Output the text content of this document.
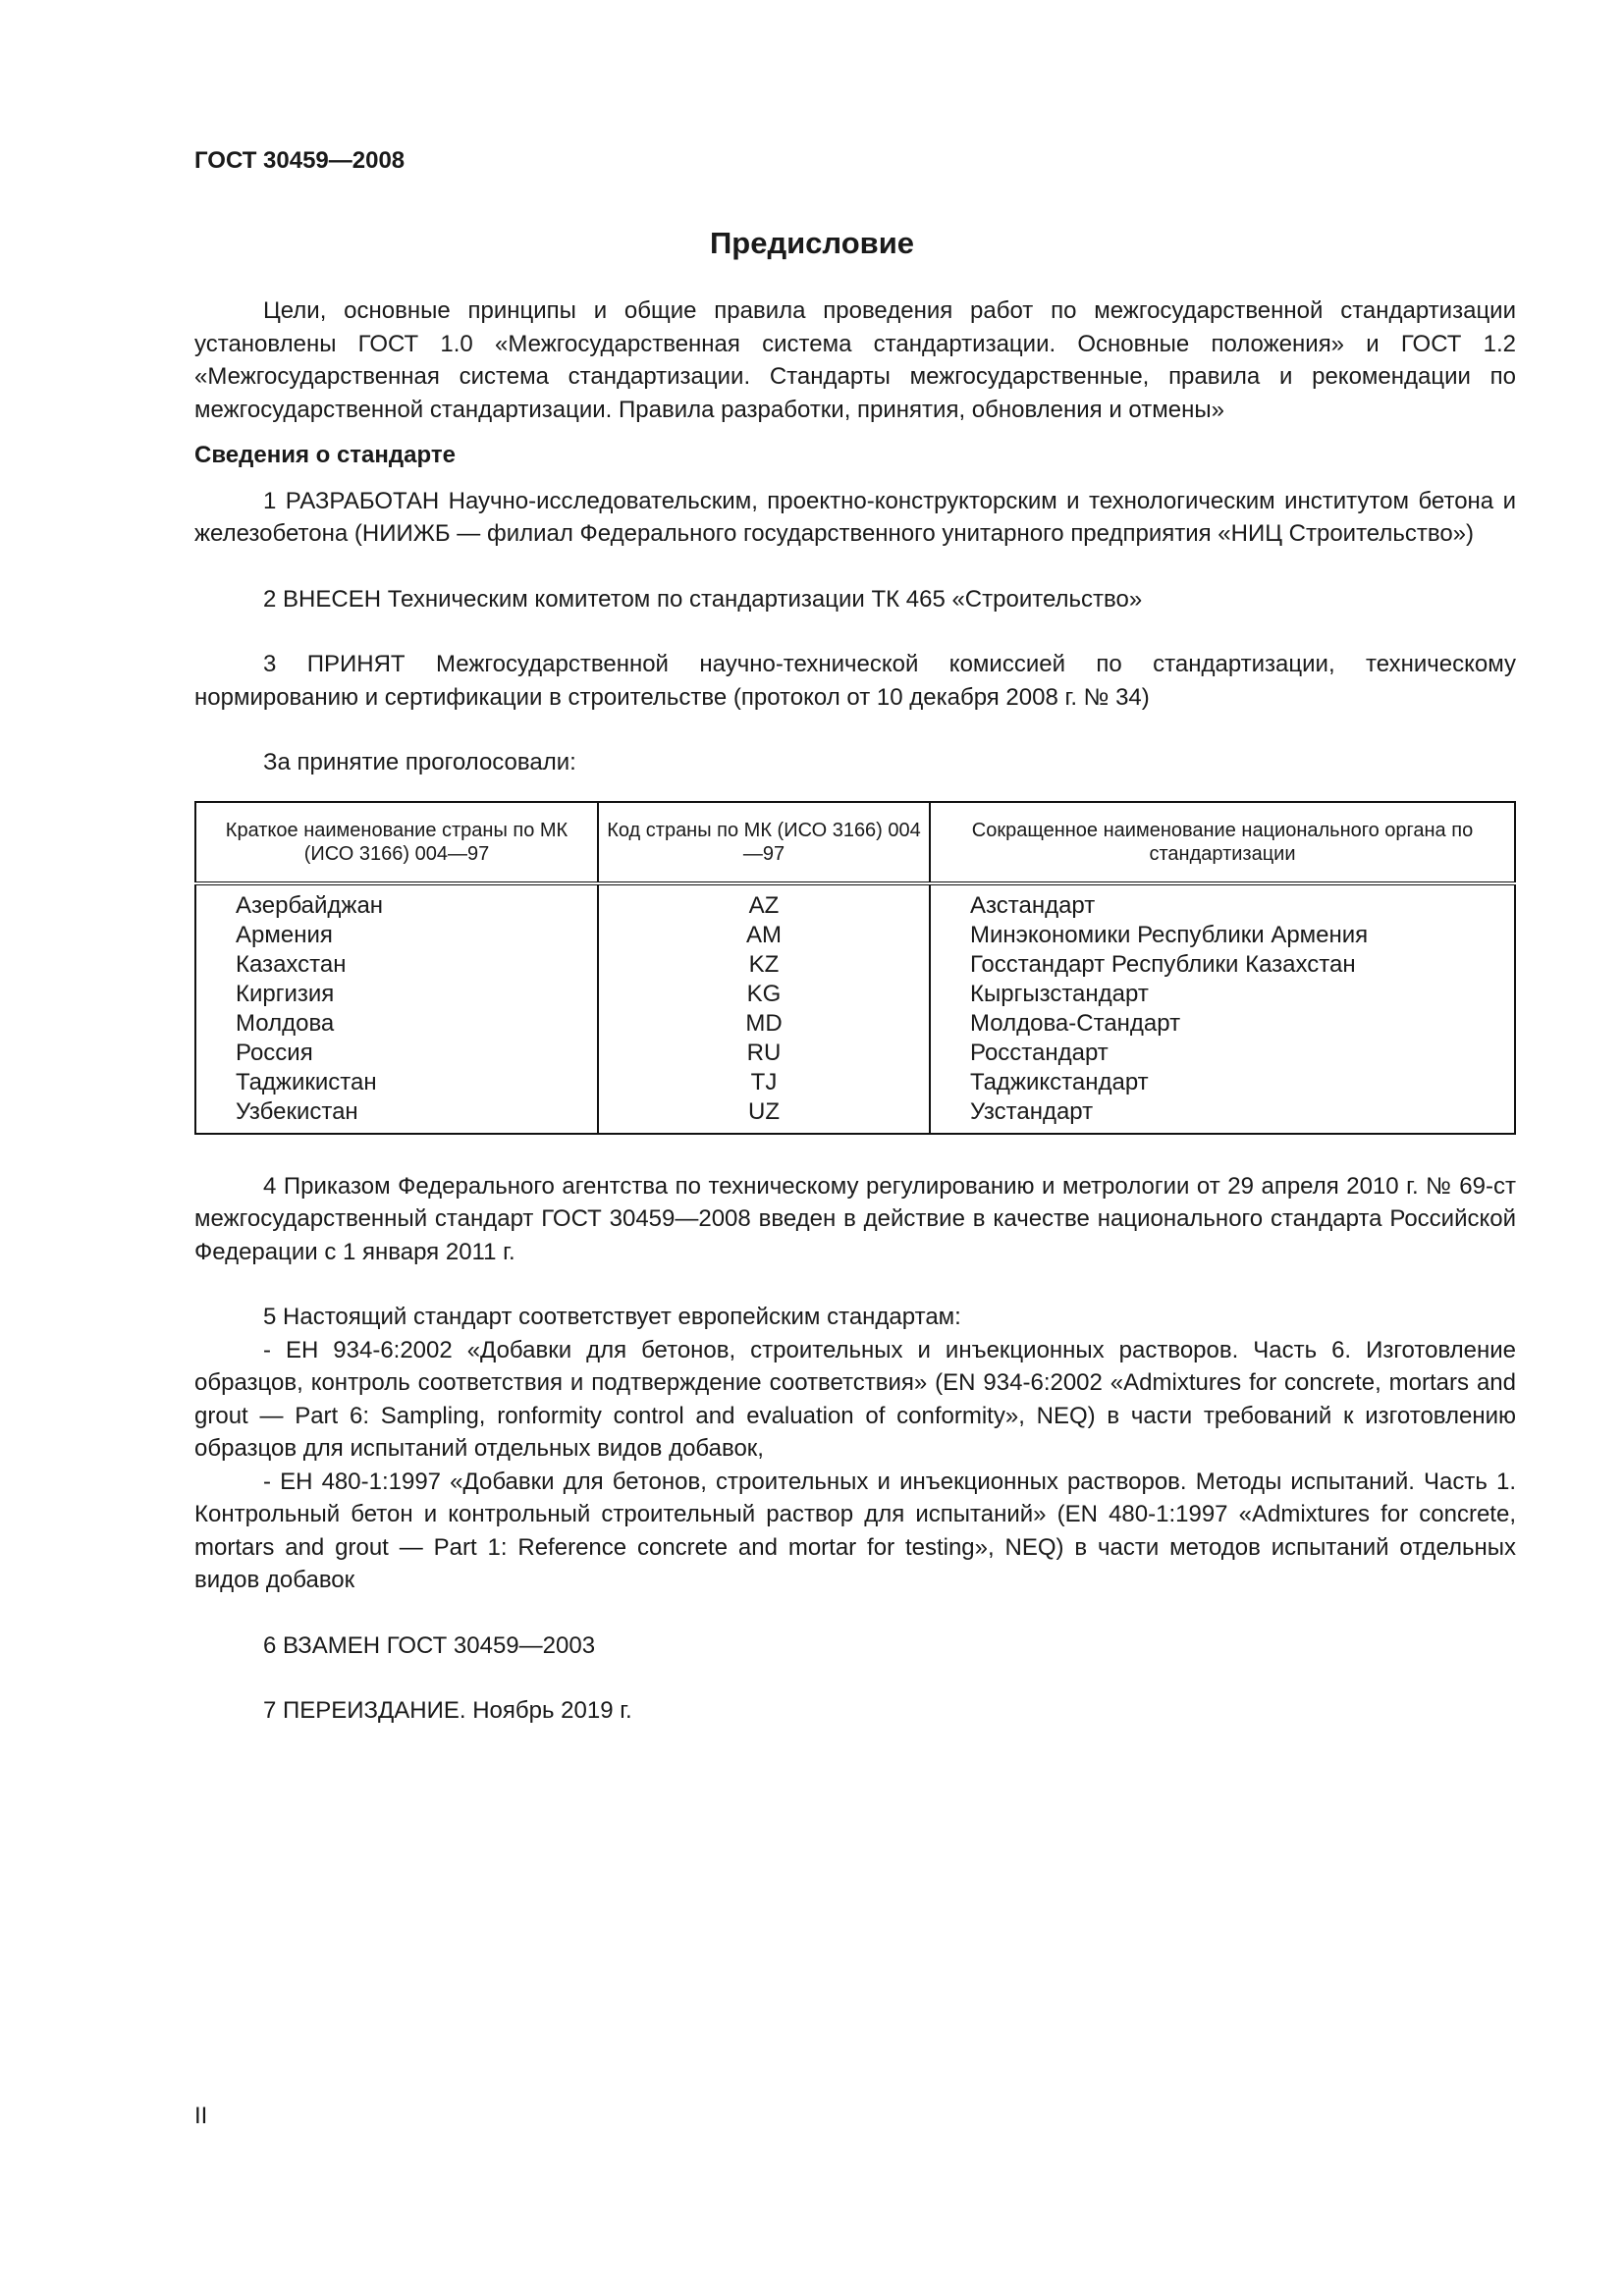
ГОСТ 30459—2008
Предисловие

Цели, основные принципы и общие правила проведения работ по межгосударственной стандартизации установлены ГОСТ 1.0 «Межгосударственная система стандартизации. Основные положения» и ГОСТ 1.2 «Межгосударственная система стандартизации. Стандарты межгосударственные, правила и рекомендации по межгосударственной стандартизации. Правила разработки, принятия, обновления и отмены»

Сведения о стандарте

1 РАЗРАБОТАН Научно-исследовательским, проектно-конструкторским и технологическим институтом бетона и железобетона (НИИЖБ — филиал Федерального государственного унитарного предприятия «НИЦ Строительство»)

2 ВНЕСЕН Техническим комитетом по стандартизации ТК 465 «Строительство»

3 ПРИНЯТ Межгосударственной научно-технической комиссией по стандартизации, техническому нормированию и сертификации в строительстве (протокол от 10 декабря 2008 г. № 34)

За принятие проголосовали:

Краткое наименование страны по МК (ИСО 3166) 004—97	Код страны по МК (ИСО 3166) 004—97	Сокращенное наименование национального органа по стандартизации
Азербайджан	AZ	Азстандарт
Армения	AM	Минэкономики Республики Армения
Казахстан	KZ	Госстандарт Республики Казахстан
Киргизия	KG	Кыргызстандарт
Молдова	MD	Молдова-Стандарт
Россия	RU	Росстандарт
Таджикистан	TJ	Таджикстандарт
Узбекистан	UZ	Узстандарт

4 Приказом Федерального агентства по техническому регулированию и метрологии от 29 апреля 2010 г. № 69-ст межгосударственный стандарт ГОСТ 30459—2008 введен в действие в качестве национального стандарта Российской Федерации с 1 января 2011 г.

5 Настоящий стандарт соответствует европейским стандартам:

- ЕН 934-6:2002 «Добавки для бетонов, строительных и инъекционных растворов. Часть 6. Изготовление образцов, контроль соответствия и подтверждение соответствия» (EN 934-6:2002 «Admixtures for concrete, mortars and grout — Part 6: Sampling, ronformity control and evaluation of conformity», NEQ) в части требований к изготовлению образцов для испытаний отдельных видов добавок,

- ЕН 480-1:1997 «Добавки для бетонов, строительных и инъекционных растворов. Методы испытаний. Часть 1. Контрольный бетон и контрольный строительный раствор для испытаний» (EN 480-1:1997 «Admixtures for concrete, mortars and grout — Part 1: Reference concrete and mortar for testing», NEQ) в части методов испытаний отдельных видов добавок

6 ВЗАМЕН ГОСТ 30459—2003

7 ПЕРЕИЗДАНИЕ. Ноябрь 2019 г.

II
